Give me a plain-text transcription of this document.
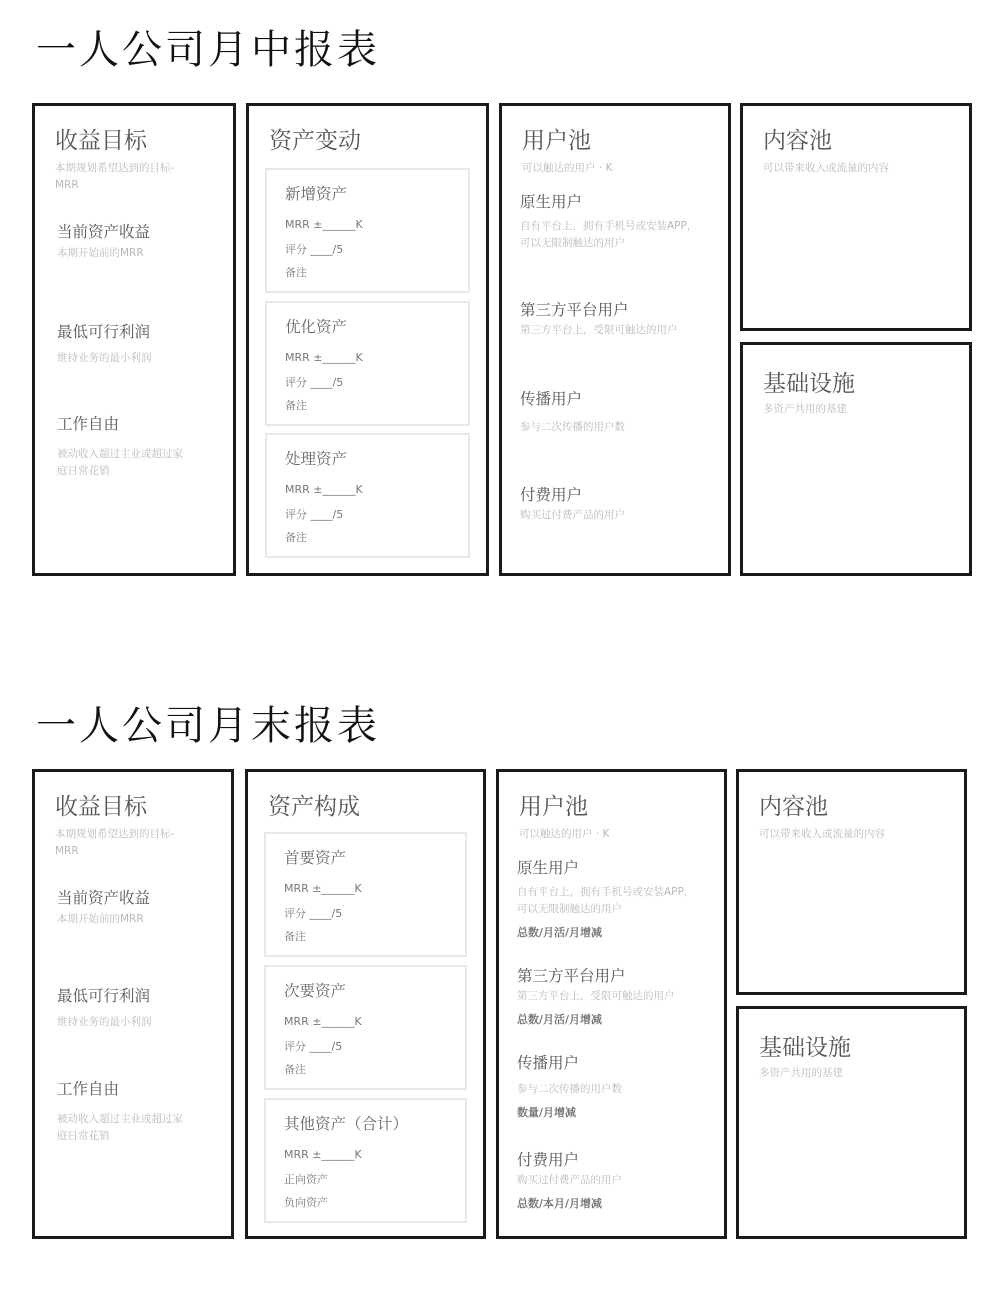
一人公司月中报表
收益目标
本期规划希望达到的目标-MRR
当前资产收益
本期开始前的MRR
最低可行利润
维持业务的最小利润
工作自由
被动收入超过主业或超过家庭日常花销
资产变动
新增资产
MRR ±______K
评分 ____/5
备注
优化资产
MRR ±______K
评分 ____/5
备注
处理资产
MRR ±______K
评分 ____/5
备注
用户池
可以触达的用户 · K
原生用户
自有平台上，拥有手机号或安装APP，可以无限制触达的用户
第三方平台用户
第三方平台上，受限可触达的用户
传播用户
参与二次传播的用户数
付费用户
购买过付费产品的用户
内容池
可以带来收入或流量的内容
基础设施
多资产共用的基建
一人公司月末报表
收益目标
本期规划希望达到的目标-MRR
当前资产收益
本期开始前的MRR
最低可行利润
维持业务的最小利润
工作自由
被动收入超过主业或超过家庭日常花销
资产构成
首要资产
MRR ±______K
评分 ____/5
备注
次要资产
MRR ±______K
评分 ____/5
备注
其他资产（合计）
MRR ±______K
正向资产
负向资产
用户池
可以触达的用户 · K
原生用户
自有平台上，拥有手机号或安装APP，可以无限制触达的用户
总数/月活/月增减
第三方平台用户
第三方平台上，受限可触达的用户
总数/月活/月增减
传播用户
参与二次传播的用户数
数量/月增减
付费用户
购买过付费产品的用户
总数/本月/月增减
内容池
可以带来收入或流量的内容
基础设施
多资产共用的基建
